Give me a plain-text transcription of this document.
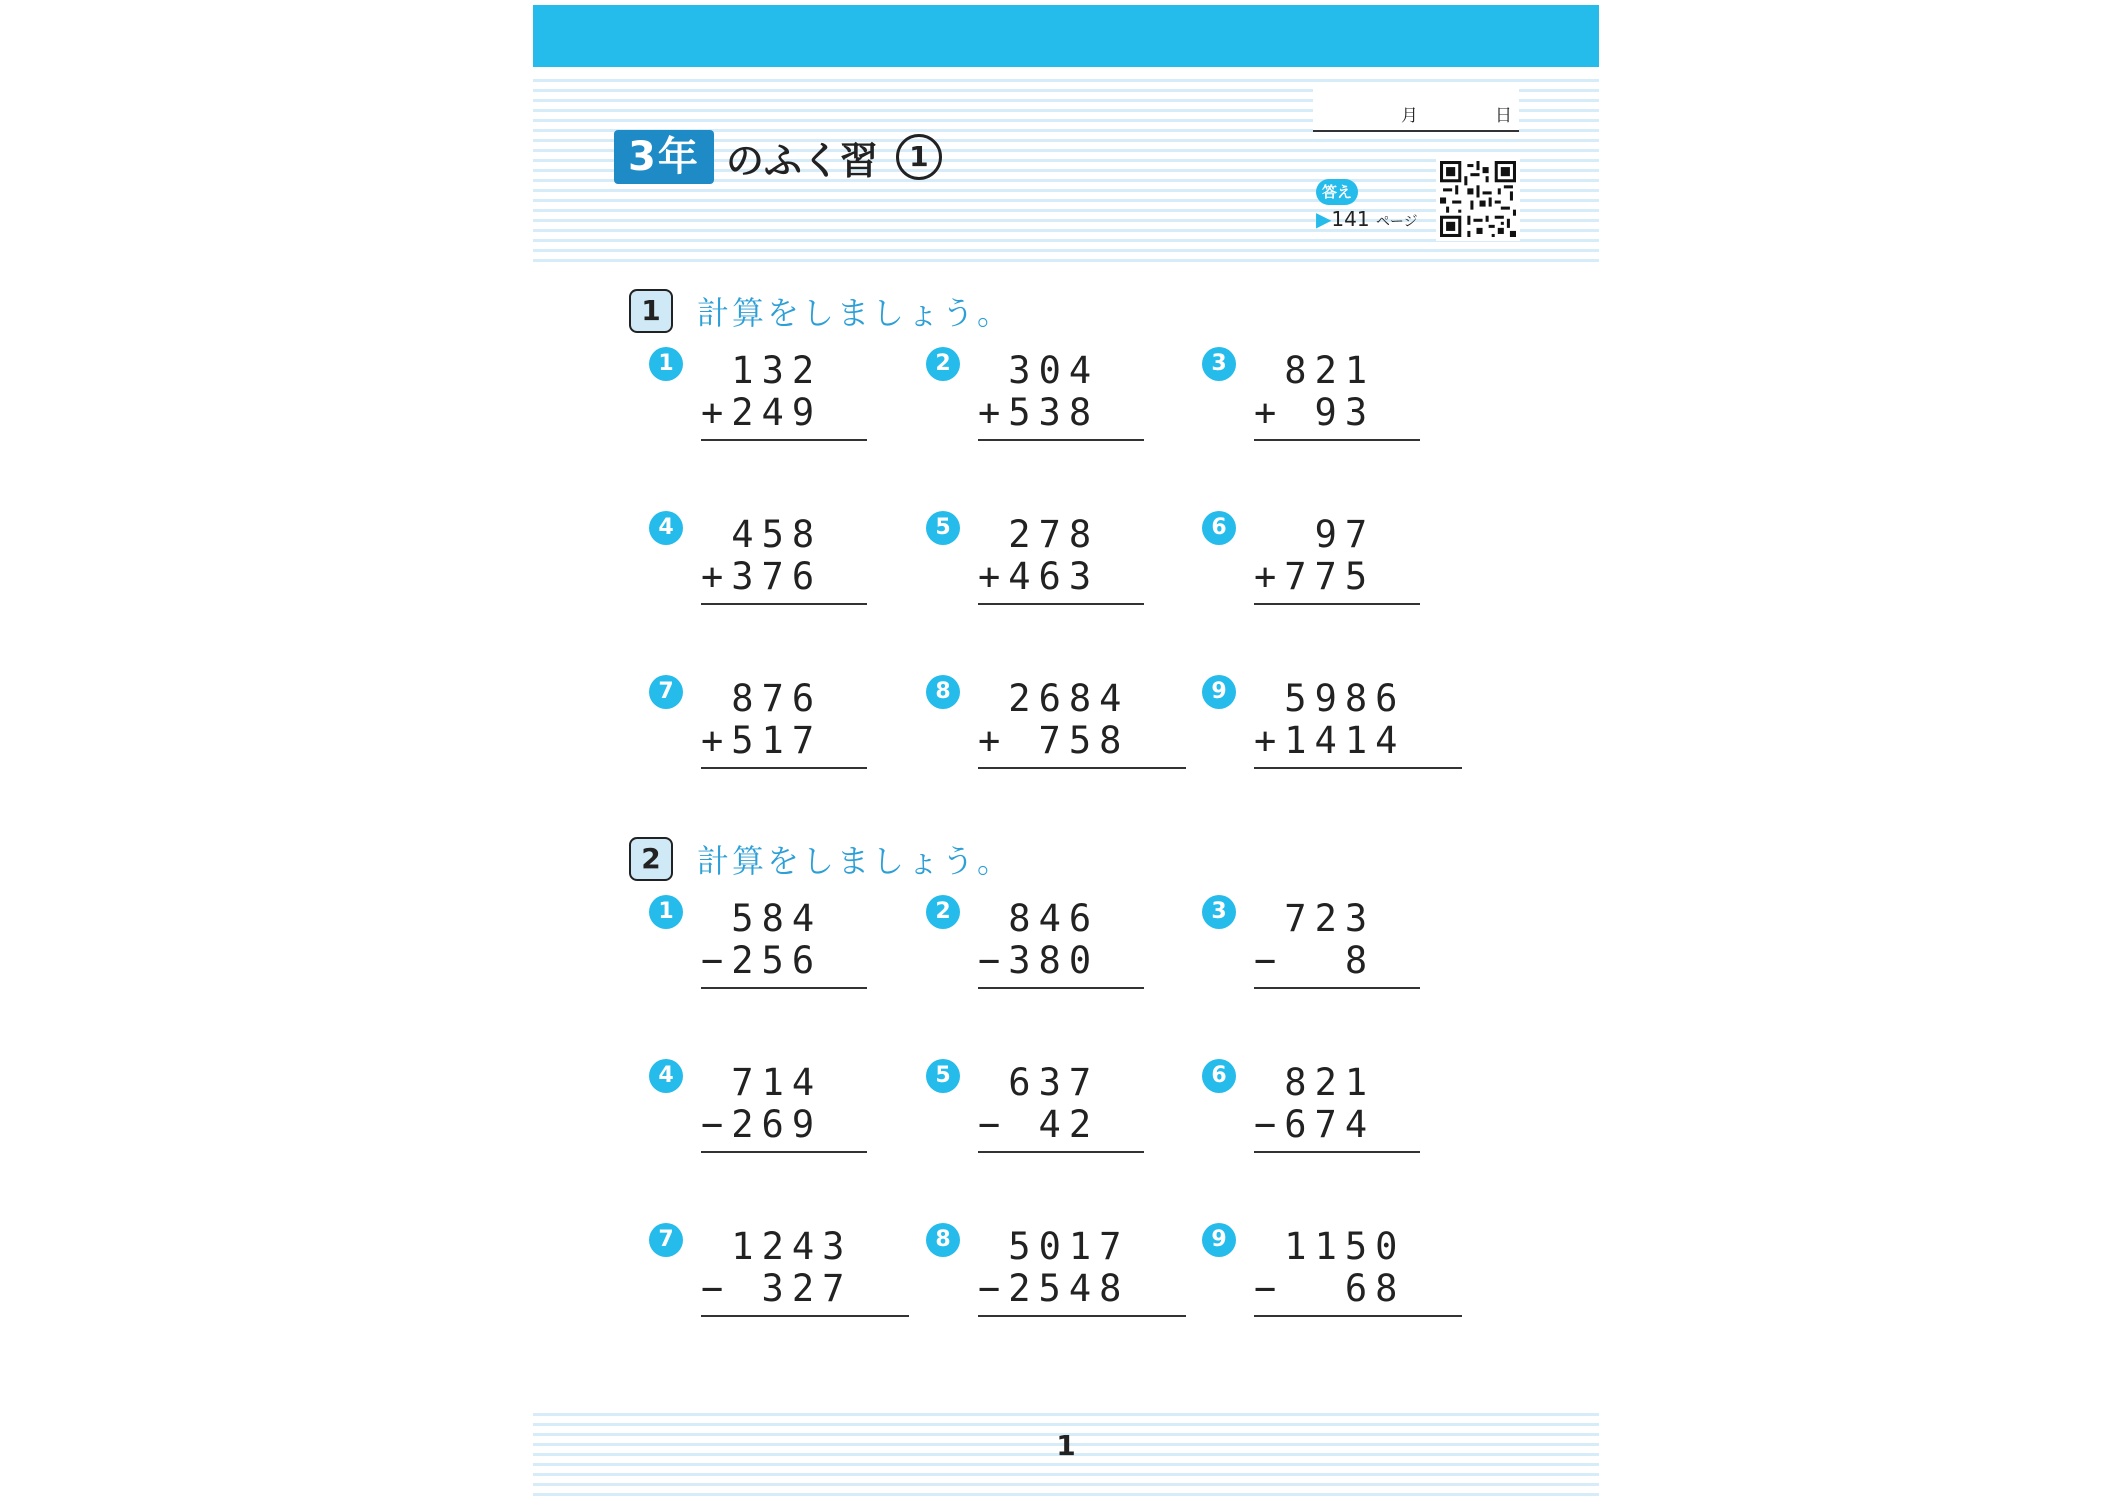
3年 のふく習	1
月	日
答え
▶141 ページ
1	計算をしましょう。
1 132
+249
2 304
+538
3 821
+ 93
4 458
+376
5 278
+463
6 97
+775
7 876
+517
8 2684
+ 758
9 5986
+1414
2	計算をしましょう。
1 584
−256
2 846
−380
3 723
−  8
4 714
−269
5 637
− 42
6 821
−674
7 1243
− 327
8 5017
−2548
9 1150
−  68
1
